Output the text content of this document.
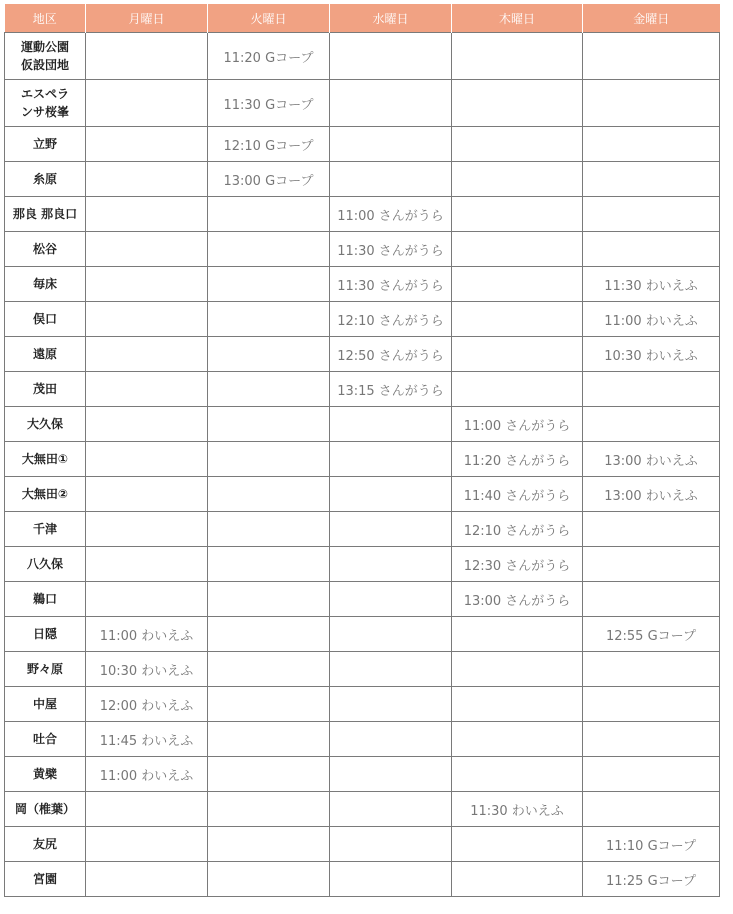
地区	月曜日	火曜日	水曜日	木曜日	金曜日
運動公園
仮設団地		11:20 Gコープ			
エスペラ
ンサ桜峯		11:30 Gコープ			
立野		12:10 Gコープ			
糸原		13:00 Gコープ			
那良 那良口			11:00 さんがうら		
松谷			11:30 さんがうら		
毎床			11:30 さんがうら		11:30 わいえふ
俣口			12:10 さんがうら		11:00 わいえふ
遠原			12:50 さんがうら		10:30 わいえふ
茂田			13:15 さんがうら		
大久保				11:00 さんがうら	
大無田①				11:20 さんがうら	13:00 わいえふ
大無田②				11:40 さんがうら	13:00 わいえふ
千津				12:10 さんがうら	
八久保				12:30 さんがうら	
鵜口				13:00 さんがうら	
日隠	11:00 わいえふ				12:55 Gコープ
野々原	10:30 わいえふ				
中屋	12:00 わいえふ				
吐合	11:45 わいえふ				
黄檗	11:00 わいえふ				
岡（椎葉）				11:30 わいえふ	
友尻					11:10 Gコープ
宮園					11:25 Gコープ
